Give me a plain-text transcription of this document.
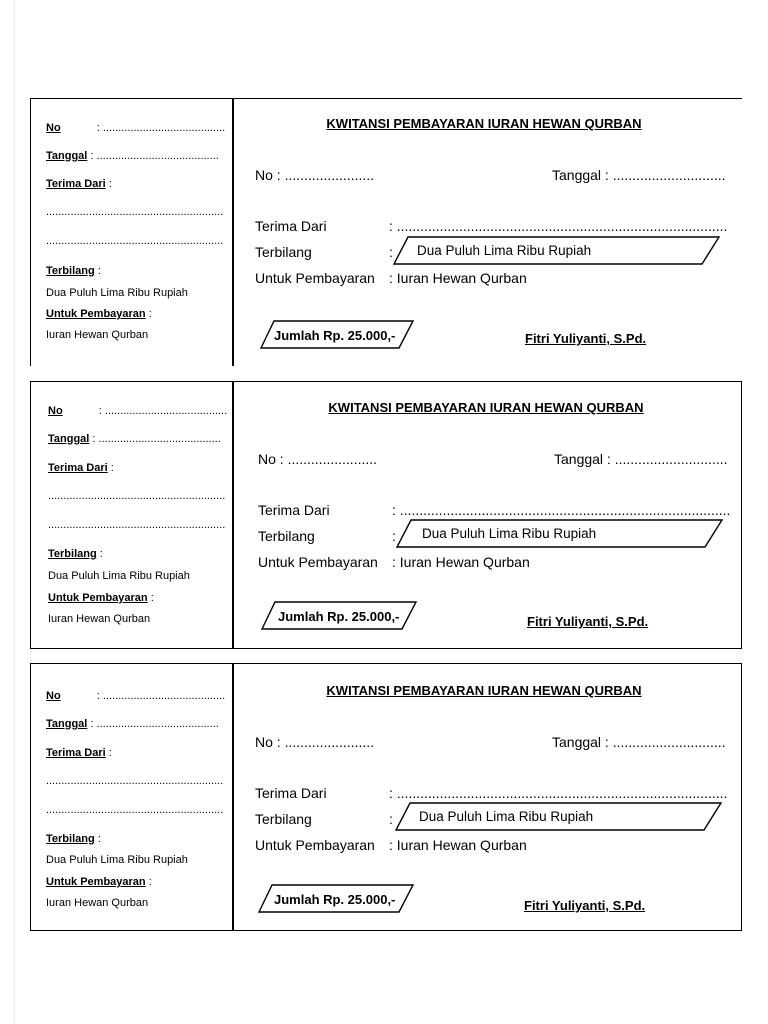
No	: ........................................
Tanggal : ........................................
Terima Dari :
..........................................................
..........................................................
Terbilang :
Dua Puluh Lima Ribu Rupiah
Untuk Pembayaran :
Iuran Hewan Qurban
KWITANSI PEMBAYARAN IURAN HEWAN QURBAN
No : .......................	Tanggal : .............................
Terima Dari	: .....................................................................................
Terbilang	: Dua Puluh Lima Ribu Rupiah
Untuk Pembayaran : Iuran Hewan Qurban
Jumlah Rp. 25.000,-	Fitri Yuliyanti, S.Pd.
No	: ........................................
Tanggal : ........................................
Terima Dari :
..........................................................
..........................................................
Terbilang :
Dua Puluh Lima Ribu Rupiah
Untuk Pembayaran :
Iuran Hewan Qurban
KWITANSI PEMBAYARAN IURAN HEWAN QURBAN
No : .......................	Tanggal : .............................
Terima Dari	: .....................................................................................
Terbilang	: Dua Puluh Lima Ribu Rupiah
Untuk Pembayaran : Iuran Hewan Qurban
Jumlah Rp. 25.000,-	Fitri Yuliyanti, S.Pd.
No	: ........................................
Tanggal : ........................................
Terima Dari :
..........................................................
..........................................................
Terbilang :
Dua Puluh Lima Ribu Rupiah
Untuk Pembayaran :
Iuran Hewan Qurban
KWITANSI PEMBAYARAN IURAN HEWAN QURBAN
No : .......................	Tanggal : .............................
Terima Dari	: .....................................................................................
Terbilang	: Dua Puluh Lima Ribu Rupiah
Untuk Pembayaran : Iuran Hewan Qurban
Jumlah Rp. 25.000,-	Fitri Yuliyanti, S.Pd.
